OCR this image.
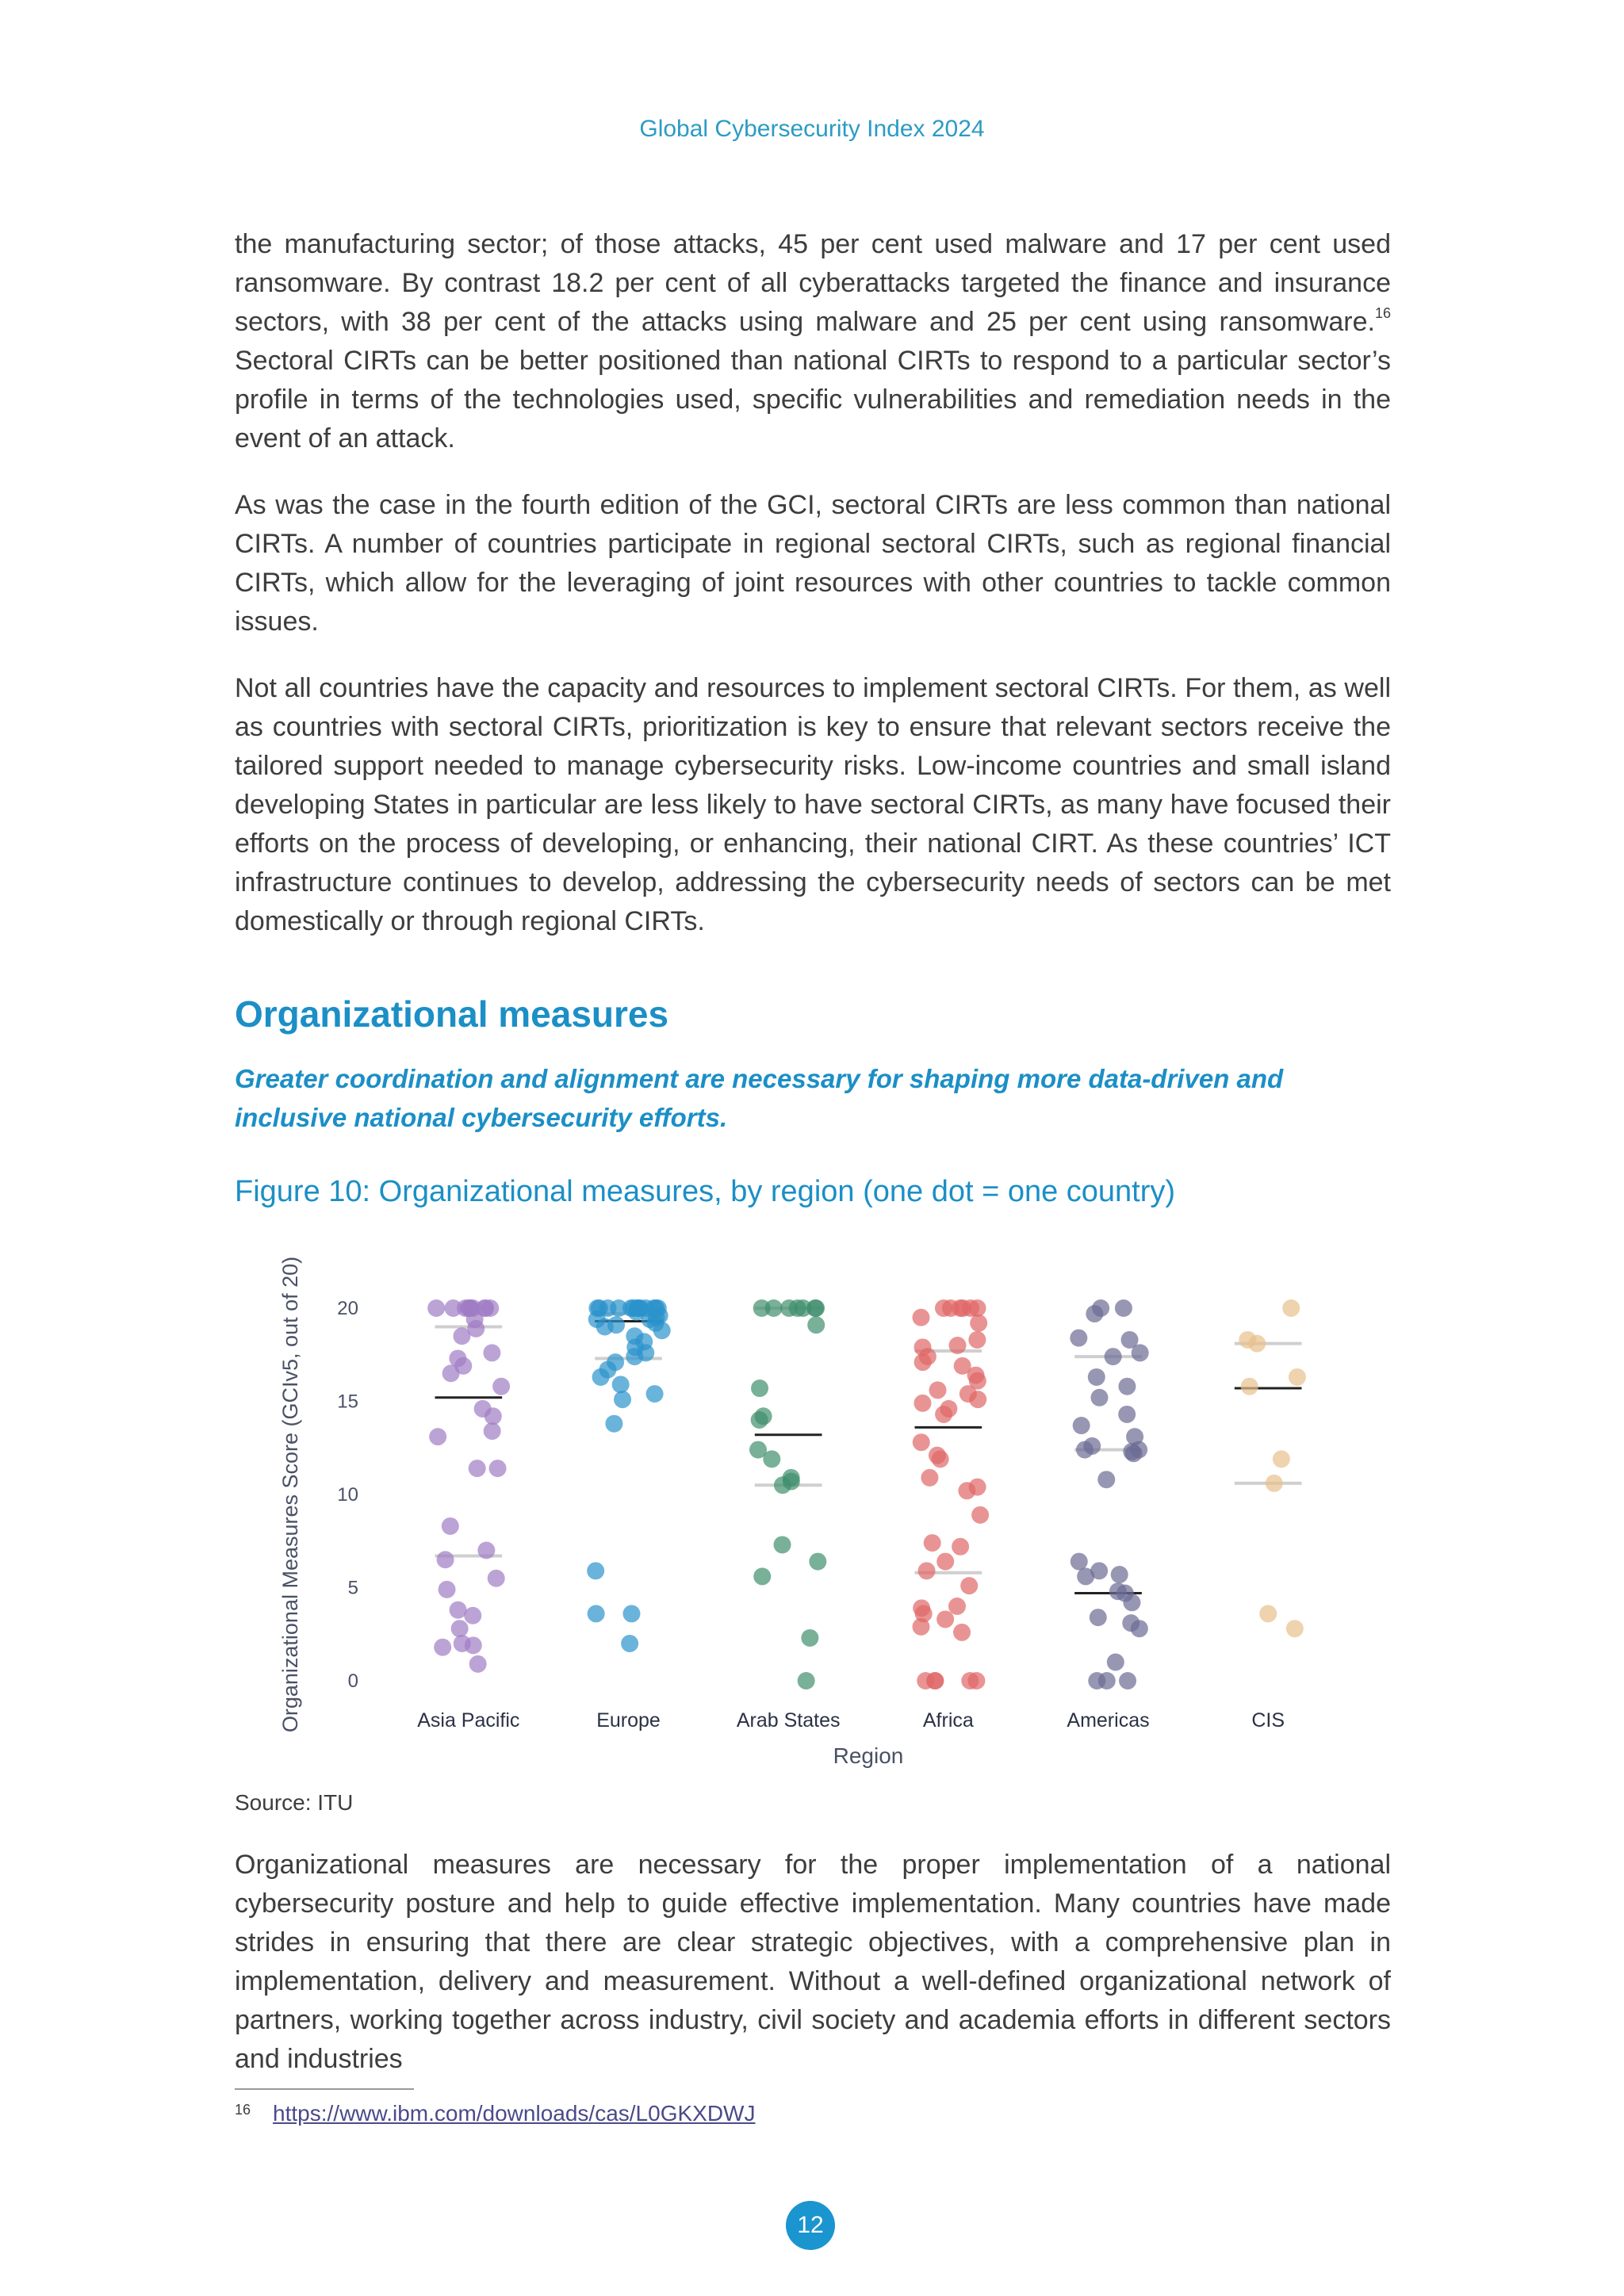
Global Cybersecurity Index 2024

the manufacturing sector; of those attacks, 45 per cent used malware and 17 per cent used ransomware. By contrast 18.2 per cent of all cyberattacks targeted the finance and insurance sectors, with 38 per cent of the attacks using malware and 25 per cent using ransomware.$^{16}$ Sectoral CIRTs can be better positioned than national CIRTs to respond to a particular sector’s profile in terms of the technologies used, specific vulnerabilities and remediation needs in the event of an attack.

As was the case in the fourth edition of the GCI, sectoral CIRTs are less common than national CIRTs. A number of countries participate in regional sectoral CIRTs, such as regional financial CIRTs, which allow for the leveraging of joint resources with other countries to tackle common issues.

Not all countries have the capacity and resources to implement sectoral CIRTs. For them, as well as countries with sectoral CIRTs, prioritization is key to ensure that relevant sectors receive the tailored support needed to manage cybersecurity risks. Low-income countries and small island developing States in particular are less likely to have sectoral CIRTs, as many have focused their efforts on the process of developing, or enhancing, their national CIRT. As these countries’ ICT infrastructure continues to develop, addressing the cybersecurity needs of sectors can be met domestically or through regional CIRTs.

Organizational measures

Greater coordination and alignment are necessary for shaping more data-driven and inclusive national cybersecurity efforts.

Figure 10: Organizational measures, by region (one dot = one country)

0
5
10
15
20
Organizational Measures Score (GCIv5, out of 20)	Asia Pacific	Europe	Arab States	Africa	Americas	CIS
Region
Source: ITU

Organizational measures are necessary for the proper implementation of a national cybersecurity posture and help to guide effective implementation. Many countries have made strides in ensuring that there are clear strategic objectives, with a comprehensive plan in implementation, delivery and measurement. Without a well-defined organizational network of partners, working together across industry, civil society and academia efforts in different sectors and industries

$^{16}$ https://www.ibm.com/downloads/cas/L0GKXDWJ
12
